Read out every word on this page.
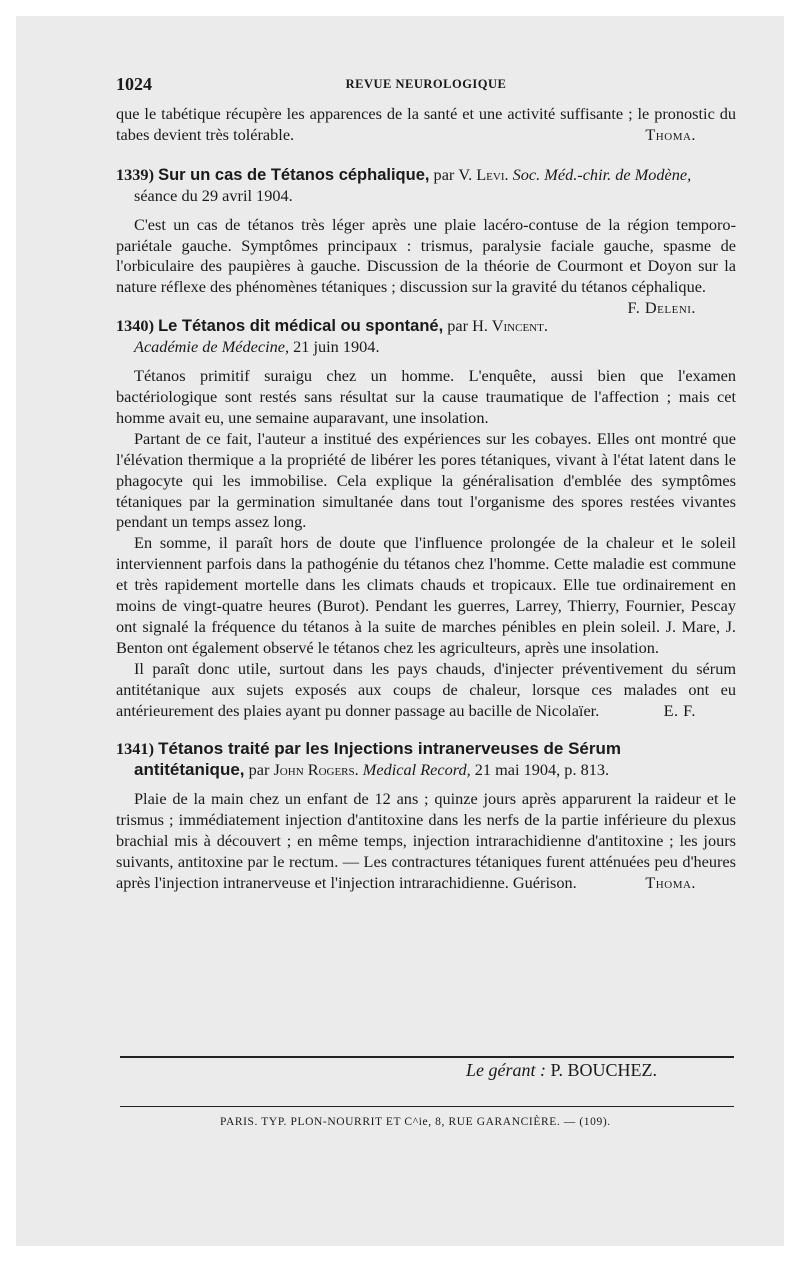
1024	REVUE NEUROLOGIQUE

que le tabétique récupère les apparences de la santé et une activité suffisante ; le pronostic du tabes devient très tolérable.	Thoma.

1339) Sur un cas de Tétanos céphalique, par V. Levi. Soc. Méd.-chir. de Modène, séance du 29 avril 1904.

C'est un cas de tétanos très léger après une plaie lacéro-contuse de la région temporo-pariétale gauche. Symptômes principaux : trismus, paralysie faciale gauche, spasme de l'orbiculaire des paupières à gauche. Discussion de la théorie de Courmont et Doyon sur la nature réflexe des phénomènes tétaniques ; discussion sur la gravité du tétanos céphalique.
F. Deleni.

1340) Le Tétanos dit médical ou spontané, par H. Vincent. Académie de Médecine, 21 juin 1904.

Tétanos primitif suraigu chez un homme. L'enquête, aussi bien que l'examen bactériologique sont restés sans résultat sur la cause traumatique de l'affection ; mais cet homme avait eu, une semaine auparavant, une insolation.

Partant de ce fait, l'auteur a institué des expériences sur les cobayes. Elles ont montré que l'élévation thermique a la propriété de libérer les pores tétaniques, vivant à l'état latent dans le phagocyte qui les immobilise. Cela explique la généralisation d'emblée des symptômes tétaniques par la germination simultanée dans tout l'organisme des spores restées vivantes pendant un temps assez long.

En somme, il paraît hors de doute que l'influence prolongée de la chaleur et le soleil interviennent parfois dans la pathogénie du tétanos chez l'homme. Cette maladie est commune et très rapidement mortelle dans les climats chauds et tropicaux. Elle tue ordinairement en moins de vingt-quatre heures (Burot). Pendant les guerres, Larrey, Thierry, Fournier, Pescay ont signalé la fréquence du tétanos à la suite de marches pénibles en plein soleil. J. Mare, J. Benton ont également observé le tétanos chez les agriculteurs, après une insolation.

Il paraît donc utile, surtout dans les pays chauds, d'injecter préventivement du sérum antitétanique aux sujets exposés aux coups de chaleur, lorsque ces malades ont eu antérieurement des plaies ayant pu donner passage au bacille de Nicolaïer.	E. F.

1341) Tétanos traité par les Injections intranerveuses de Sérum antitétanique, par John Rogers. Medical Record, 21 mai 1904, p. 813.

Plaie de la main chez un enfant de 12 ans ; quinze jours après apparurent la raideur et le trismus ; immédiatement injection d'antitoxine dans les nerfs de la partie inférieure du plexus brachial mis à découvert ; en même temps, injection intrarachidienne d'antitoxine ; les jours suivants, antitoxine par le rectum. — Les contractures tétaniques furent atténuées peu d'heures après l'injection intranerveuse et l'injection intrarachidienne. Guérison.	Thoma.

Le gérant : P. BOUCHEZ.
PARIS. TYP. PLON-NOURRIT ET C^ie, 8, RUE GARANCIÈRE. — (109).
